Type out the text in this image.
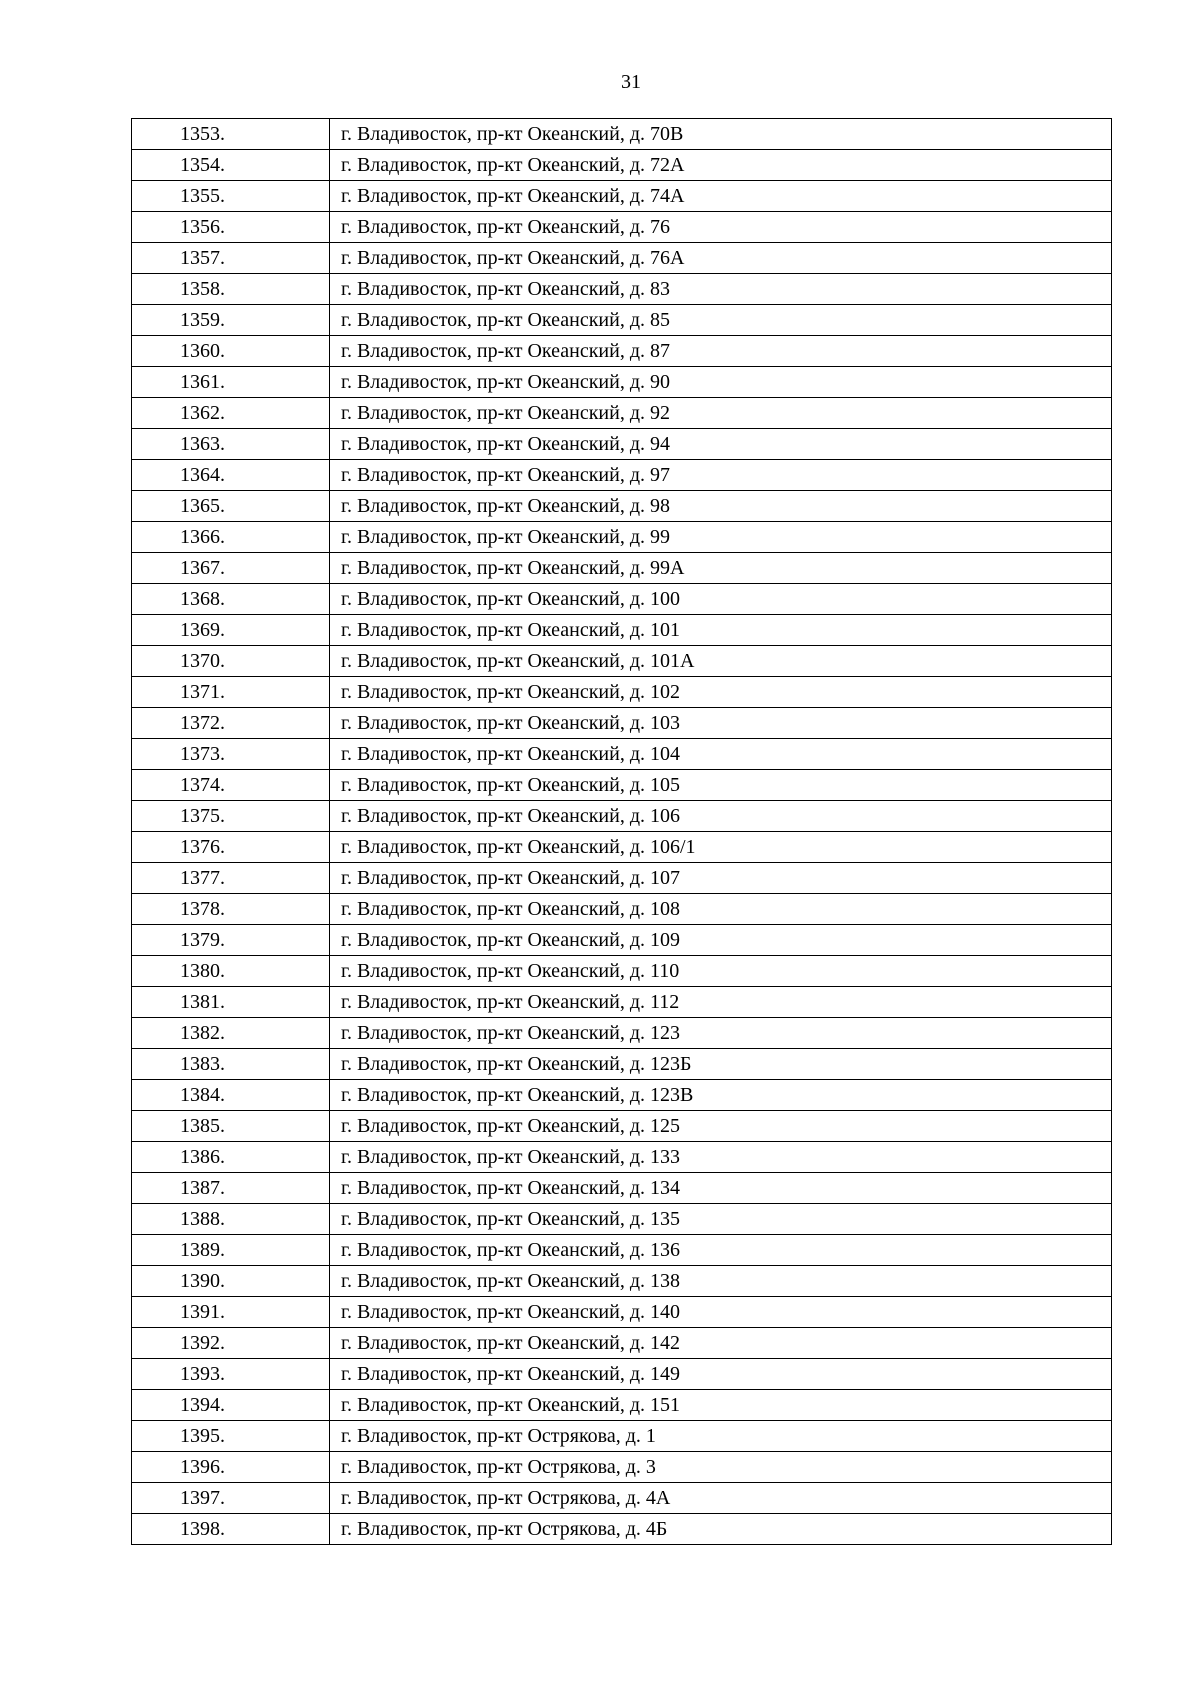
31
1353.	г. Владивосток, пр-кт Океанский, д. 70В
1354.	г. Владивосток, пр-кт Океанский, д. 72А
1355.	г. Владивосток, пр-кт Океанский, д. 74А
1356.	г. Владивосток, пр-кт Океанский, д. 76
1357.	г. Владивосток, пр-кт Океанский, д. 76А
1358.	г. Владивосток, пр-кт Океанский, д. 83
1359.	г. Владивосток, пр-кт Океанский, д. 85
1360.	г. Владивосток, пр-кт Океанский, д. 87
1361.	г. Владивосток, пр-кт Океанский, д. 90
1362.	г. Владивосток, пр-кт Океанский, д. 92
1363.	г. Владивосток, пр-кт Океанский, д. 94
1364.	г. Владивосток, пр-кт Океанский, д. 97
1365.	г. Владивосток, пр-кт Океанский, д. 98
1366.	г. Владивосток, пр-кт Океанский, д. 99
1367.	г. Владивосток, пр-кт Океанский, д. 99А
1368.	г. Владивосток, пр-кт Океанский, д. 100
1369.	г. Владивосток, пр-кт Океанский, д. 101
1370.	г. Владивосток, пр-кт Океанский, д. 101А
1371.	г. Владивосток, пр-кт Океанский, д. 102
1372.	г. Владивосток, пр-кт Океанский, д. 103
1373.	г. Владивосток, пр-кт Океанский, д. 104
1374.	г. Владивосток, пр-кт Океанский, д. 105
1375.	г. Владивосток, пр-кт Океанский, д. 106
1376.	г. Владивосток, пр-кт Океанский, д. 106/1
1377.	г. Владивосток, пр-кт Океанский, д. 107
1378.	г. Владивосток, пр-кт Океанский, д. 108
1379.	г. Владивосток, пр-кт Океанский, д. 109
1380.	г. Владивосток, пр-кт Океанский, д. 110
1381.	г. Владивосток, пр-кт Океанский, д. 112
1382.	г. Владивосток, пр-кт Океанский, д. 123
1383.	г. Владивосток, пр-кт Океанский, д. 123Б
1384.	г. Владивосток, пр-кт Океанский, д. 123В
1385.	г. Владивосток, пр-кт Океанский, д. 125
1386.	г. Владивосток, пр-кт Океанский, д. 133
1387.	г. Владивосток, пр-кт Океанский, д. 134
1388.	г. Владивосток, пр-кт Океанский, д. 135
1389.	г. Владивосток, пр-кт Океанский, д. 136
1390.	г. Владивосток, пр-кт Океанский, д. 138
1391.	г. Владивосток, пр-кт Океанский, д. 140
1392.	г. Владивосток, пр-кт Океанский, д. 142
1393.	г. Владивосток, пр-кт Океанский, д. 149
1394.	г. Владивосток, пр-кт Океанский, д. 151
1395.	г. Владивосток, пр-кт Острякова, д. 1
1396.	г. Владивосток, пр-кт Острякова, д. 3
1397.	г. Владивосток, пр-кт Острякова, д. 4А
1398.	г. Владивосток, пр-кт Острякова, д. 4Б
